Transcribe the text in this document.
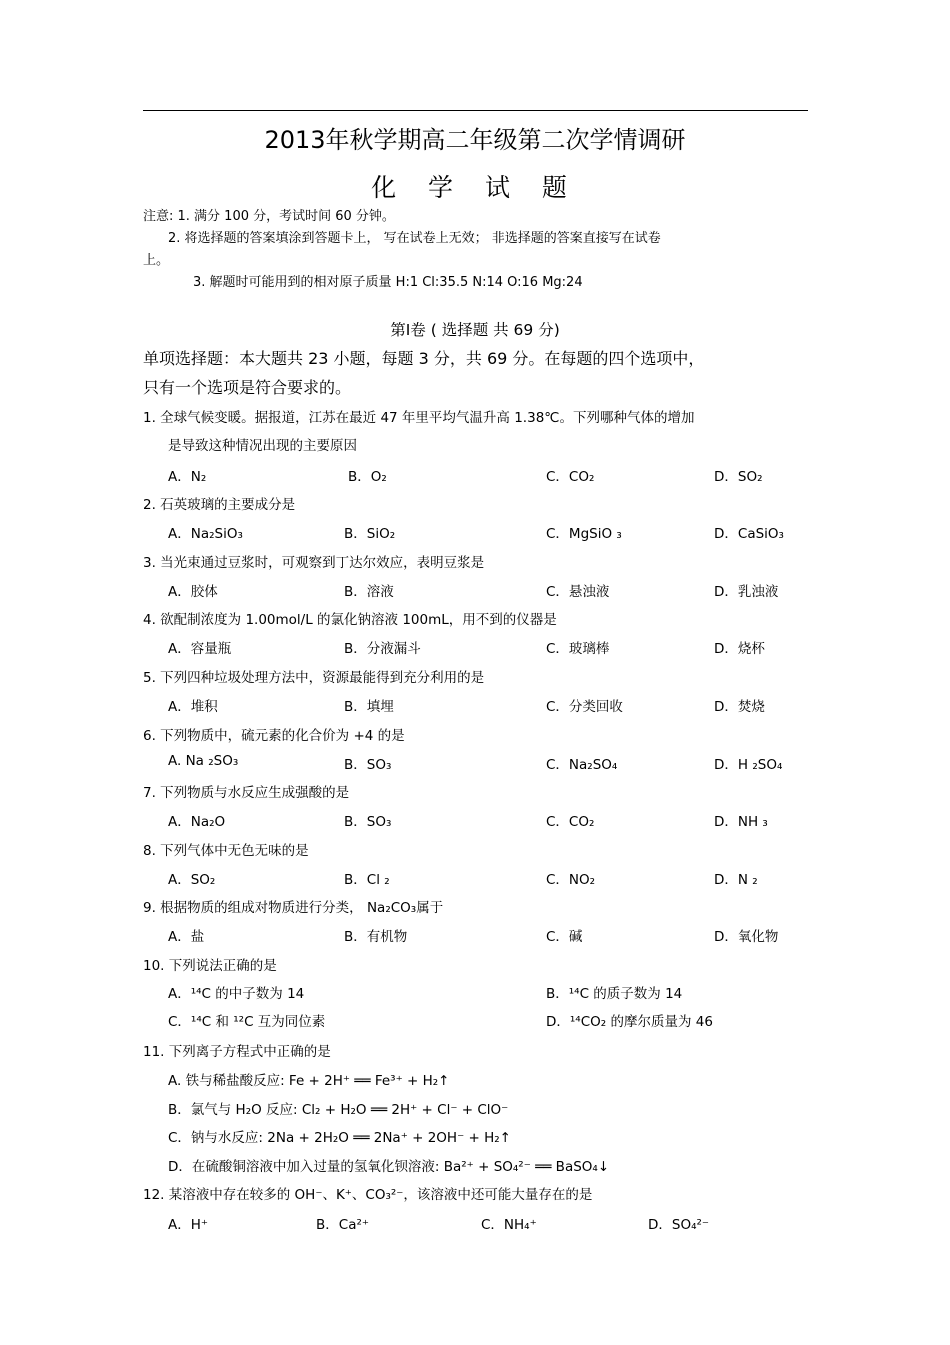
2013年秋学期高二年级第二次学情调研
化 学 试 题
注意: 1. 满分 100 分，考试时间 60 分钟。
2. 将选择题的答案填涂到答题卡上， 写在试卷上无效； 非选择题的答案直接写在试卷
上。
3. 解题时可能用到的相对原子质量 H:1 Cl:35.5 N:14 O:16 Mg:24
第Ⅰ卷 ( 选择题 共 69 分)
单项选择题：本大题共 23 小题，每题 3 分，共 69 分。在每题的四个选项中，
只有一个选项是符合要求的。
1. 全球气候变暖。据报道，江苏在最近 47 年里平均气温升高 1.38℃。下列哪种气体的增加
是导致这种情况出现的主要原因
A．N₂	B．O₂	C．CO₂	D．SO₂
2. 石英玻璃的主要成分是
A．Na₂SiO₃	B．SiO₂	C．MgSiO ₃	D．CaSiO₃
3. 当光束通过豆浆时，可观察到丁达尔效应，表明豆浆是
A．胶体	B．溶液	C．悬浊液	D．乳浊液
4. 欲配制浓度为 1.00mol/L 的氯化钠溶液 100mL，用不到的仪器是
A．容量瓶	B．分液漏斗	C．玻璃棒	D．烧杯
5. 下列四种垃圾处理方法中，资源最能得到充分利用的是
A．堆积	B．填埋	C．分类回收	D．焚烧
6. 下列物质中，硫元素的化合价为 +4 的是
A. Na ₂SO₃	B．SO₃	C．Na₂SO₄	D．H ₂SO₄
7. 下列物质与水反应生成强酸的是
A．Na₂O	B．SO₃	C．CO₂	D．NH ₃
8. 下列气体中无色无味的是
A．SO₂	B．Cl ₂	C．NO₂	D．N ₂
9. 根据物质的组成对物质进行分类， Na₂CO₃属于
A．盐	B．有机物	C．碱	D．氧化物
10. 下列说法正确的是
A．¹⁴C 的中子数为 14	B．¹⁴C 的质子数为 14
C．¹⁴C 和 ¹²C 互为同位素	D．¹⁴CO₂ 的摩尔质量为 46
11. 下列离子方程式中正确的是
A. 铁与稀盐酸反应: Fe + 2H⁺ ══ Fe³⁺ + H₂↑
B．氯气与 H₂O 反应: Cl₂ + H₂O ══ 2H⁺ + Cl⁻ + ClO⁻
C．钠与水反应: 2Na + 2H₂O ══ 2Na⁺ + 2OH⁻ + H₂↑
D．在硫酸铜溶液中加入过量的氢氧化钡溶液: Ba²⁺ + SO₄²⁻ ══ BaSO₄↓
12. 某溶液中存在较多的 OH⁻、K⁺、CO₃²⁻，该溶液中还可能大量存在的是
A．H⁺	B．Ca²⁺	C．NH₄⁺	D．SO₄²⁻
